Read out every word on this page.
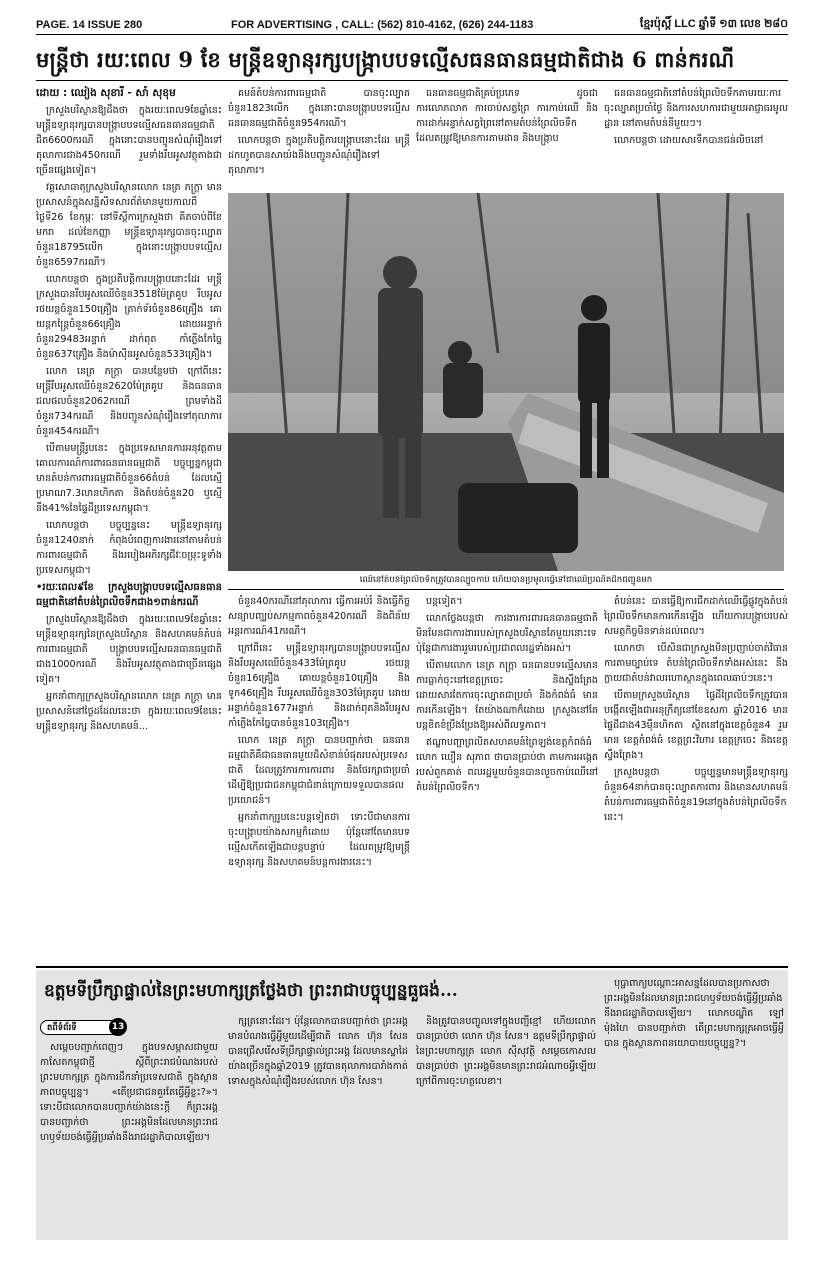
PAGE. 14 ISSUE 280	FOR ADVERTISING , CALL: (562) 810-4162, (626) 244-1183	ខ្មែរប៉ុស្ដិ៍ LLC ឆ្នាំទី ១៣ លេខ ២៨០
មន្ត្រីថា រយៈពេល 9 ខែ មន្ត្រីឧទ្យានុរក្សបង្ក្រាបបទល្មើសធនធានធម្មជាតិជាង 6 ពាន់ករណី
ដោយ : ឈៀង សុខារី - សាំ សុខុម

ក្រសួងបរិស្ថានឱ្យដឹងថា ក្នុងរយៈពេល9ខែឆ្នាំនេះ មន្ត្រីឧទ្យានុរក្សបានបង្ក្រាបបទល្មើសធនធានធម្មជាតិជិត6600ករណី ក្នុងនោះបានបញ្ជូនសំណុំរឿងទៅតុលាការជាង450ករណី រួមទាំងរឹបអូសវត្ថុតាងជាច្រើនផ្សេងទៀត។

វគ្គសោធាតុក្រសួងបរិស្ថានលោក នេត្រ ភក្ត្រា មានប្រសាសន៍ក្នុងសន្និសីទសារព័ត៌មានមួយកាលពីថ្ងៃទី26 ខែកុម្ភៈ នៅទីស្ដីការក្រសួងថា គិតចាប់ពីខែមករា ដល់ខែកញ្ញា មន្ត្រីឧទ្យានុរក្សបានចុះល្បាតចំនួន18795លើក ក្នុងនោះបង្ក្រាបបទល្មើសចំនួន6597ករណី។

លោកបន្តថា ក្នុងប្រតិបត្តិការបង្ក្រាបនោះដែរ មន្ត្រីក្រសួងបានរឹបអូសឈើចំនួន3518ម៉ែត្រគូប រឹបអូសរថយន្តចំនួន150គ្រឿង ត្រាក់ទ័រចំនួន86គ្រឿង គោយន្តកន្ត្រៃចំនួន66គ្រឿង ដោយអន្ទាក់ចំនួន29483អន្ទាក់ ដាក់ពុត កាំភ្លើងកែច្នៃចំនួន637គ្រឿង និងម៉ាស៊ីនអូសចំនួន533គ្រឿង។

លោក នេត្រ ភក្ត្រា បានបន្ថែមថា ក្រៅពីនេះ មន្ត្រីរឹបអូសឈើចំនួន2620ម៉ែត្រគូប និងធនធានជលផលចំនួន2062ករណី ព្រមទាំងដីចំនួន734ករណី និងបញ្ជូនសំណុំរឿងទៅតុលាការចំនួន454ករណី។

បើតាមមន្ត្រីរូបនេះ ក្នុងប្រទេសមានការអនុវត្តតាមគោលការណ៍ការពារធនធានធម្មជាតិ បច្ចុប្បន្នកម្ពុជាមានតំបន់ការពារធម្មជាតិចំនួន66តំបន់ ដែលស្មើប្រមាណ7.3លានហិកតា និងតំបន់ចំនួន20 ឬស្មើនឹង41%នៃផ្ទៃដីប្រទេសកម្ពុជា។

លោកបន្តថា បច្ចុប្បន្ននេះ មន្ត្រីឧទ្យានុរក្សចំនួន1240នាក់ កំពុងបំពេញការងារនៅតាមតំបន់ការពារធម្មជាតិ និងរបៀងអភិរក្សជីវៈចម្រុះទូទាំងប្រទេសកម្ពុជា។

•រយៈពេល៩ខែ ក្រសួងបង្ក្រាបបទល្មើសធនធានធម្មជាតិនៅតំបន់ព្រៃលិចទឹកជាង១ពាន់ករណី

ក្រសួងបរិស្ថានឱ្យដឹងថា ក្នុងរយៈពេល9ខែឆ្នាំនេះ មន្ត្រីឧទ្យានុរក្សនៃក្រសួងបរិស្ថាន និងសហគមន៍តំបន់ការពារធម្មជាតិ បង្ក្រាបបទល្មើសធនធានធម្មជាតិជាង1000ករណី និងរឹបអូសវត្ថុតាងជាច្រើនផ្សេងទៀត។

អ្នកនាំពាក្យក្រសួងបរិស្ថានលោក នេត្រ ភក្ត្រា មានប្រសាសន៍នៅថ្ងៃដដែលនេះថា ក្នុងរយៈពេល9ខែនេះ មន្ត្រីឧទ្យានុរក្ស និងសហគមន៍...

គមន៍តំបន់ការពារធម្មជាតិ បានចុះល្បាតចំនួន1823លើក ក្នុងនោះបានបង្ក្រាបបទល្មើសធនធានធម្មជាតិចំនួន954ករណី។

លោកបន្តថា ក្នុងប្រតិបត្តិការបង្ក្រាបនោះដែរ មន្ត្រីដកហូតបានសាយ៉ងនិងបញ្ជូនសំណុំរឿងទៅតុលាការ។

ធនធានធម្មជាតិគ្រប់ប្រភេទ ដូចជា ការលោភលាភ ការចាប់សត្វព្រៃ ការកាប់ឈើ និងការដាក់អន្ទាក់សត្វព្រៃនៅតាមតំបន់ព្រៃលិចទឹក ដែលតម្រូវឱ្យមានការតាមដាន និងបង្ក្រាប

ធនធានធម្មជាតិនៅតំបន់ព្រៃលិចទឹកតាមរយៈការចុះល្បាតប្រចាំថ្ងៃ និងការសហការជាមួយអាជ្ញាធរមូលដ្ឋាន នៅតាមតំបន់នីមួយៗ។

លោកបន្តថា ដោយសារទឹកបានជន់លិចនៅ

ឈើនៅតំបន់ព្រៃលិចទឹកត្រូវបានល្បួចកាប់ ហើយបានប្រមូលធ្វើទៅជាឈើប្រណីតដឹកជញ្ជូនមក

ចំនួន40ករណីនៅតុលាការ ធ្វើការអប់រំ និងធ្វើកិច្ចសន្យាបញ្ឈប់សកម្មភាពចំនួន420ករណី និងពិន័យអន្តរការណ៍41ករណី។

ក្រៅពីនេះ មន្ត្រីឧទ្យានុរក្សបានបង្ក្រាបបទល្មើស និងរឹបអូសឈើចំនួន433ម៉ែត្រគូប រថយន្តចំនួន16គ្រឿង គោយន្តចំនួន10គ្រឿង និងទូក46គ្រឿង រឹបអូសឈើចំនួន303ម៉ែត្រគូប ដោយអន្ទាក់ចំនួន1677អន្ទាក់ និងដាក់ពុតនិងរឹបអូសកាំភ្លើងកែច្នៃបានចំនួន103គ្រឿង។

លោក នេត្រ ភក្ត្រា បានបញ្ជាក់ថា ធនធានធម្មជាតិគឺជាធនធានមួយដ៏សំខាន់បំផុតរបស់ប្រទេសជាតិ ដែលត្រូវការការការពារ និងថែរក្សាជាប្រចាំ ដើម្បីឱ្យប្រជាជនកម្ពុជាជំនាន់ក្រោយទទួលបានផលប្រយោជន៍។

អ្នកនាំពាក្យរូបនេះបន្តទៀតថា ទោះបីជាមានការចុះបង្ក្រាបយ៉ាងសកម្មក៏ដោយ ប៉ុន្តែនៅតែមានបទល្មើសកើតឡើងជាបន្តបន្ទាប់ ដែលតម្រូវឱ្យមន្ត្រីឧទ្យានុរក្ស និងសហគមន៍បន្តការងារនេះ។

បន្តទៀត។

លោកថ្លែងបន្តថា ការងារការពារធនធានធម្មជាតិមិនមែនជាការងាររបស់ក្រសួងបរិស្ថានតែមួយនោះទេ ប៉ុន្តែជាការងាររួមរបស់ប្រជាពលរដ្ឋទាំងអស់។

បើតាមលោក នេត្រ ភក្ត្រា ធនធានបទល្មើសមានការធ្លាក់ចុះនៅខេត្តក្រចេះ និងស្ទឹងត្រែង ដោយសារតែការចុះល្បាតជាប្រចាំ និងកំពង់ធំ មានការកើនឡើង។ តែយ៉ាងណាក៏ដោយ ក្រសួងនៅតែបន្តខិតខំប្រឹងប្រែងឱ្យអស់ពីលទ្ធភាព។

ឥណ្ឌាបញ្ហាព្រលិតសហគមន៍ព្រៃឡង់ខេត្តកំពង់ធំលោក ឃឿន សុភាព ថាបានប្រាប់ថា តាមការអង្កេតរបស់ពួកគាត់ ពលរដ្ឋមួយចំនួនបានលួចកាប់ឈើនៅតំបន់ព្រៃលិចទឹក។

តំបន់នេះ បានធ្វើឱ្យការជីកដាក់ឈើធ្វើផ្លូវក្នុងតំបន់ព្រៃលិចទឹកមានការកើនឡើង ហើយការបង្ក្រាបរបស់សមត្ថកិច្ចមិនទាន់ដល់ពេល។

លោកថា បើសិនជាក្រសួងមិនប្រញាប់ចាត់វិធានការតាមច្បាប់ទេ តំបន់ព្រៃលិចទឹកទាំងអស់នេះ នឹងក្លាយជាតំបន់វាលរហោស្ថានក្នុងពេលឆាប់ៗនេះ។

បើតាមក្រសួងបរិស្ថាន ផ្ទៃដីព្រៃលិចទឹកត្រូវបានបង្កើតឡើងជាអនុក្រឹត្យនៅខែឧសភា ឆ្នាំ2016 មានផ្ទៃដីជាង43ម៉ឺនហិកតា ស្ថិតនៅក្នុងខេត្តចំនួន4 រួមមាន ខេត្តកំពង់ធំ ខេត្តព្រះវិហារ ខេត្តក្រចេះ និងខេត្តស្ទឹងត្រែង។

ក្រសួងបន្តថា បច្ចុប្បន្នមានមន្ត្រីឧទ្យានុរក្សចំនួន64នាក់បានចុះល្បាតការពារ និងមានសហគមន៍តំបន់ការពារធម្មជាតិចំនួន19នៅក្នុងតំបន់ព្រៃលិចទឹកនេះ។

ឧត្តមទីប្រឹក្សាផ្ទាល់នៃព្រះមហាក្សត្រថ្លែងថា ព្រះរាជាបច្ចុប្បន្នធួធង់...
តពីទំព័រទី	13

សម្ដេចបញ្ជាក់ពេញៗ ក្នុងបទសម្ភាសជាមួយកាសែតកម្ពុជាថ្មី ស្ដីពីព្រះរាជបំណងរបស់ព្រះមហាក្សត្រ ក្នុងការដឹកនាំប្រទេសជាតិ ក្នុងស្ថានភាពបច្ចុប្បន្ន។ «តើប្រជាជនគួរតែធ្វើអ្វីខ្លះ?»។ ទោះបីជាលោកបានបញ្ជាក់យ៉ាងនេះក្តី ក៏ព្រះអង្គបានបញ្ជាក់ថា ព្រះអង្គមិនដែលមានព្រះរាជហឫទ័យចង់ធ្វើអ្វីប្រឆាំងនឹងរាជរដ្ឋាភិបាលឡើយ។

ក្សត្រនោះដែរ។ ប៉ុន្តែលោកបានបញ្ជាក់ថា ព្រះអង្គមានបំណងធ្វើអ្វីមួយដើម្បីជាតិ លោក ហ៊ុន សែន បានជ្រើសរើសទីប្រឹក្សាផ្ទាល់ព្រះអង្គ ដែលមានស្នាដៃយ៉ាងច្រើនក្នុងឆ្នាំ2019 ត្រូវបានតុលាការបារាំងកាត់ទោសក្នុងសំណុំរឿងរបស់លោក ហ៊ុន សែន។

និងត្រូវបានបញ្ចូលទៅក្នុងបញ្ជីខ្មៅ ហើយលោកបានប្រាប់ថា លោក ហ៊ុន សែន។ ឧត្តមទីប្រឹក្សាផ្ទាល់នៃព្រះមហាក្សត្រ លោក ស៊ីសុវត្ថិ សម្ដេចកោសល បានប្រាប់ថា ព្រះអង្គមិនមានព្រះរាជអំណាចអ្វីឡើយ ក្រៅពីការចុះហត្ថលេខា។

បុប្ផាពាក្យបណ្ដោះអាសន្នដែលបានប្រកាសថា ព្រះអង្គមិនដែលមានព្រះរាជហឫទ័យចង់ធ្វើអ្វីប្រឆាំងនឹងរាជរដ្ឋាភិបាលឡើយ។ លោកបណ្ឌិត ឡៅ ម៉ុងហៃ បានបញ្ជាក់ថា តើព្រះមហាក្សត្រអាចធ្វើអ្វីបាន ក្នុងស្ថានភាពនយោបាយបច្ចុប្បន្ន?។
